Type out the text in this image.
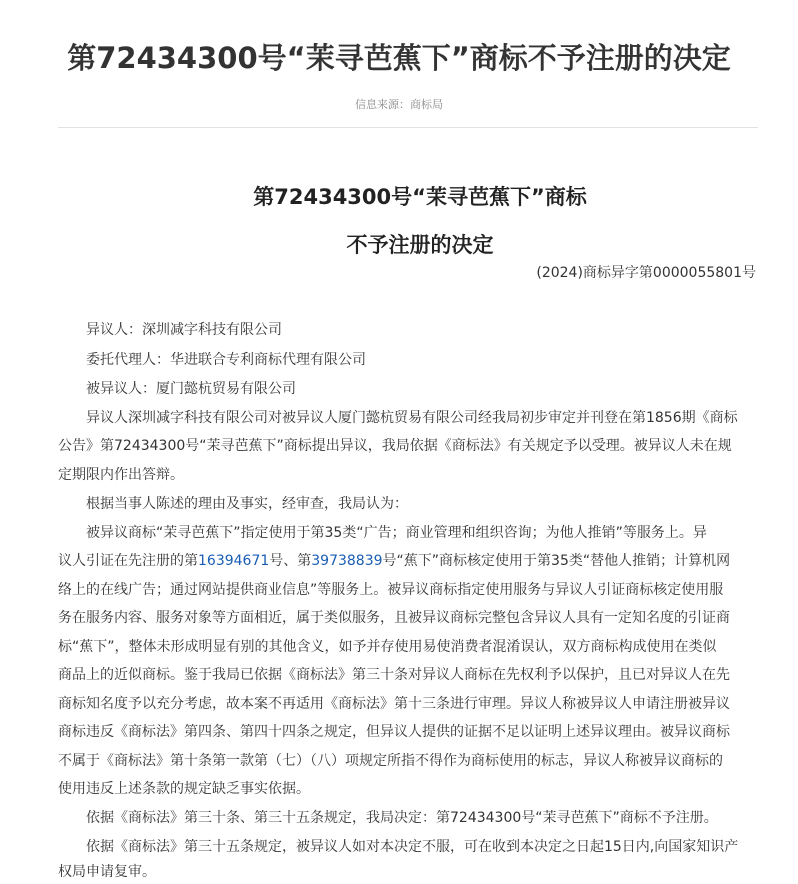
第72434300号“茉寻芭蕉下”商标不予注册的决定
信息来源：商标局
第72434300号“茉寻芭蕉下”商标
不予注册的决定
(2024)商标异字第0000055801号

异议人：深圳减字科技有限公司

委托代理人：华进联合专利商标代理有限公司

被异议人：厦门懿杭贸易有限公司

异议人深圳减字科技有限公司对被异议人厦门懿杭贸易有限公司经我局初步审定并刊登在第1856期《商标

公告》第72434300号“茉寻芭蕉下”商标提出异议，我局依据《商标法》有关规定予以受理。被异议人未在规

定期限内作出答辩。

根据当事人陈述的理由及事实，经审查，我局认为：

被异议商标“茉寻芭蕉下”指定使用于第35类“广告；商业管理和组织咨询；为他人推销”等服务上。异

议人引证在先注册的第16394671号、第39738839号“蕉下”商标核定使用于第35类“替他人推销；计算机网

络上的在线广告；通过网站提供商业信息”等服务上。被异议商标指定使用服务与异议人引证商标核定使用服

务在服务内容、服务对象等方面相近，属于类似服务，且被异议商标完整包含异议人具有一定知名度的引证商

标“蕉下”，整体未形成明显有别的其他含义，如予并存使用易使消费者混淆误认，双方商标构成使用在类似

商品上的近似商标。鉴于我局已依据《商标法》第三十条对异议人商标在先权利予以保护，且已对异议人在先

商标知名度予以充分考虑，故本案不再适用《商标法》第十三条进行审理。异议人称被异议人申请注册被异议

商标违反《商标法》第四条、第四十四条之规定，但异议人提供的证据不足以证明上述异议理由。被异议商标

不属于《商标法》第十条第一款第（七）（八）项规定所指不得作为商标使用的标志，异议人称被异议商标的

使用违反上述条款的规定缺乏事实依据。

依据《商标法》第三十条、第三十五条规定，我局决定：第72434300号“茉寻芭蕉下”商标不予注册。

依据《商标法》第三十五条规定，被异议人如对本决定不服，可在收到本决定之日起15日内,向国家知识产

权局申请复审。
